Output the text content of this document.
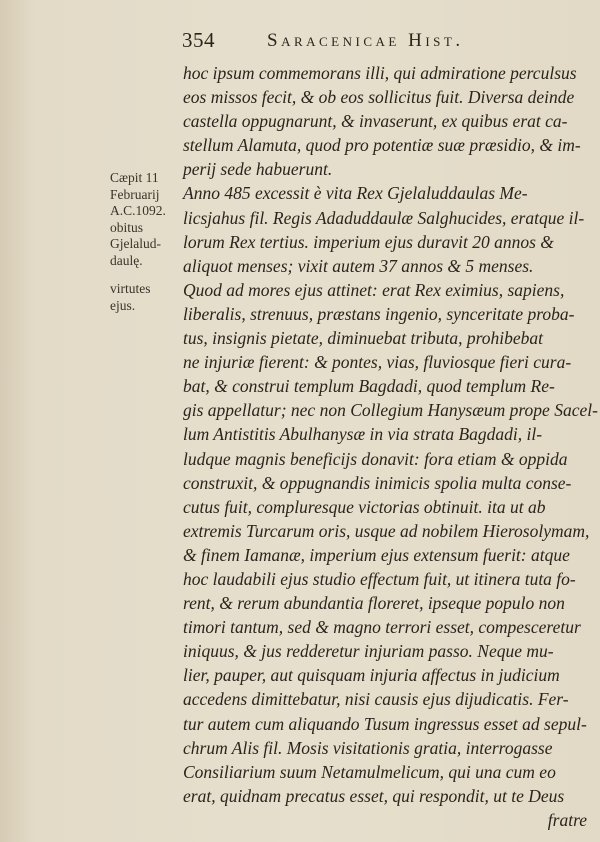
354	Saracenicae Hist.
Cæpit 11
Februarij
A.C.1092.
obitus
Gjelalud-
daulę.
virtutes
ejus.
hoc ipsum commemorans illi, qui admiratione perculsus
eos missos fecit, & ob eos sollicitus fuit. Diversa deinde
castella oppugnarunt, & invaserunt, ex quibus erat ca-
stellum Alamuta, quod pro potentiæ suæ præsidio, & im-
perij sede habuerunt.
Anno 485 excessit è vita Rex Gjelaluddaulas Me-
licsjahus fil. Regis Adaduddaulæ Salghucides, eratque il-
lorum Rex tertius. imperium ejus duravit 20 annos &
aliquot menses; vixit autem 37 annos & 5 menses.
Quod ad mores ejus attinet: erat Rex eximius, sapiens,
liberalis, strenuus, præstans ingenio, synceritate proba-
tus, insignis pietate, diminuebat tributa, prohibebat
ne injuriæ fierent: & pontes, vias, fluviosque fieri cura-
bat, & construi templum Bagdadi, quod templum Re-
gis appellatur; nec non Collegium Hanysæum prope Sacel-
lum Antistitis Abulhanysæ in via strata Bagdadi, il-
ludque magnis beneficijs donavit: fora etiam & oppida
construxit, & oppugnandis inimicis spolia multa conse-
cutus fuit, compluresque victorias obtinuit. ita ut ab
extremis Turcarum oris, usque ad nobilem Hierosolymam,
& finem Iamanæ, imperium ejus extensum fuerit: atque
hoc laudabili ejus studio effectum fuit, ut itinera tuta fo-
rent, & rerum abundantia floreret, ipseque populo non
timori tantum, sed & magno terrori esset, compesceretur
iniquus, & jus redderetur injuriam passo. Neque mu-
lier, pauper, aut quisquam injuria affectus in judicium
accedens dimittebatur, nisi causis ejus dijudicatis. Fer-
tur autem cum aliquando Tusum ingressus esset ad sepul-
chrum Alis fil. Mosis visitationis gratia, interrogasse
Consiliarium suum Netamulmelicum, qui una cum eo
erat, quidnam precatus esset, qui respondit, ut te Deus
fratre
